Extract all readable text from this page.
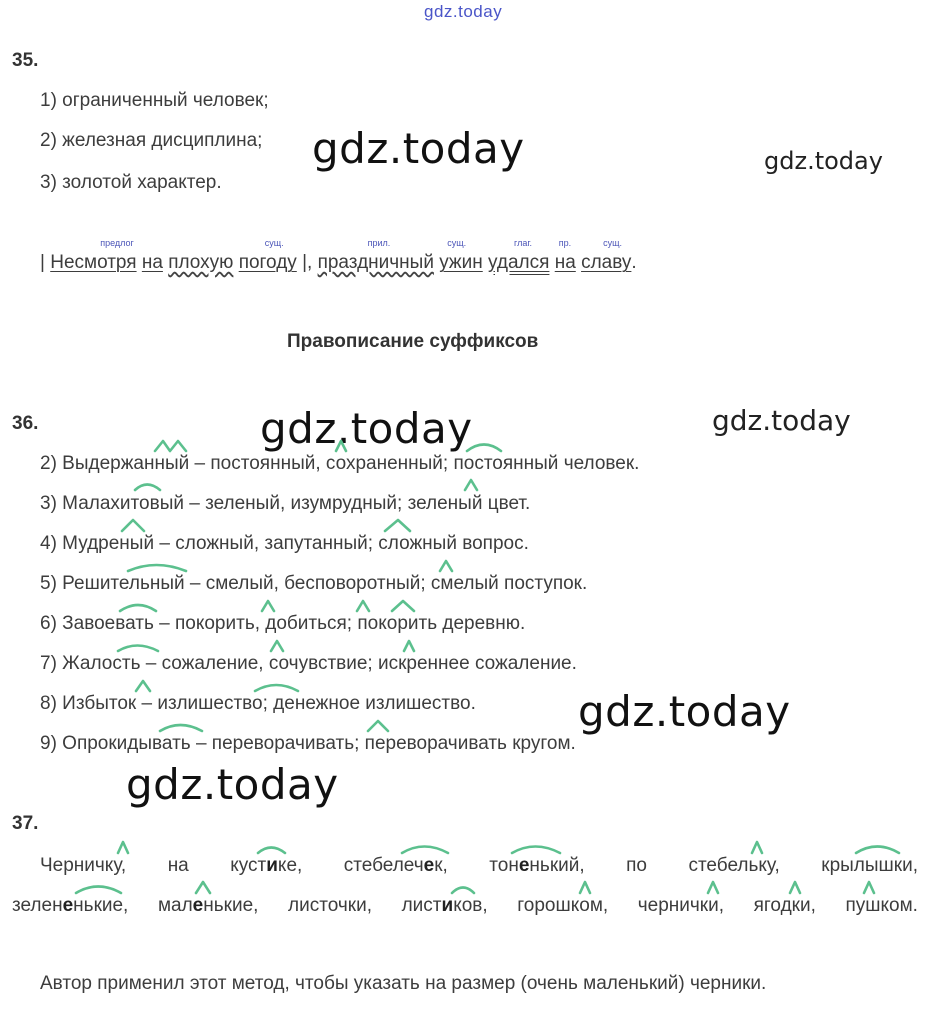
gdz.today
gdz.today	gdz.today
gdz.today	gdz.today
gdz.today
gdz.today
35.
1) ограниченный человек;
2) железная дисциплина;
3) золотой характер.
|
предлог
Несмотря на плохую
сущ.
погоду |,
прил.
праздничный
сущ.
ужин
глаг.
удался
пр.
на
сущ.
славу.
Правописание суффиксов
36.
2) Выдержанный – постоянный, сохраненный; постоянный человек.
3) Малахитовый – зеленый, изумрудный; зеленый цвет.
4) Мудреный – сложный, запутанный; сложный вопрос.
5) Решительный – смелый, бесповоротный; смелый поступок.
6) Завоевать – покорить, добиться; покорить деревню.
7) Жалость – сожаление, сочувствие; искреннее сожаление.
8) Избыток – излишество; денежное излишество.
9) Опрокидывать – переворачивать; переворачивать кругом.
37.
Черничку, на кустике, стебелечек, тоненький, по стебельку, крылышки,
зелененькие, маленькие, листочки, листиков, горошком, чернички, ягодки, пушком.
Автор применил этот метод, чтобы указать на размер (очень маленький) черники.
